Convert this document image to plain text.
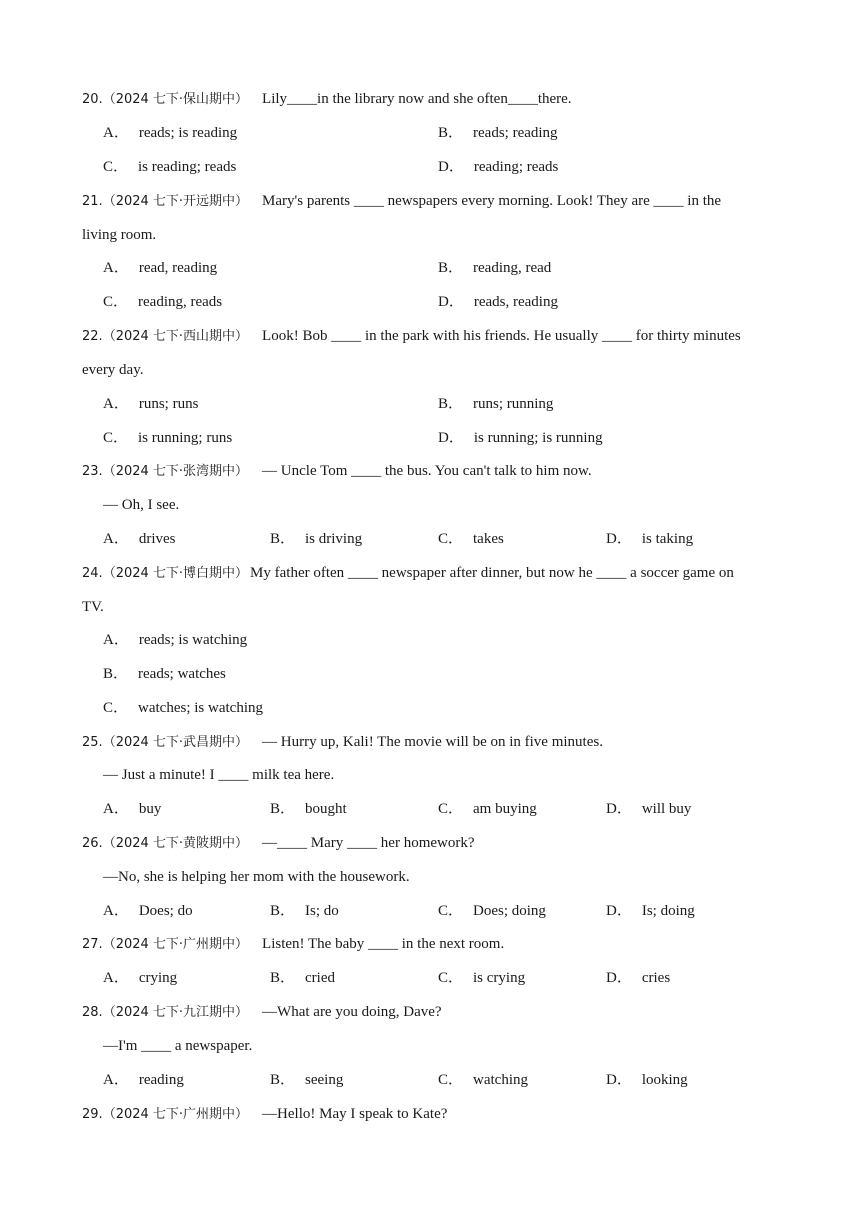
20.（2024 七下·保山期中） Lily____in the library now and she often____there.
A． reads; is reading	B． reads; reading
C． is reading; reads	D． reading; reads
21.（2024 七下·开远期中） Mary's parents ____ newspapers every morning. Look! They are ____ in the
living room.
A． read, reading	B． reading, read
C． reading, reads	D． reads, reading
22.（2024 七下·西山期中） Look! Bob ____ in the park with his friends. He usually ____ for thirty minutes
every day.
A． runs; runs	B． runs; running
C． is running; runs	D． is running; is running
23.（2024 七下·张湾期中） — Uncle Tom ____ the bus. You can't talk to him now.
— Oh, I see.
A． drives	B． is driving	C． takes	D． is taking
24.（2024 七下·博白期中） My father often ____ newspaper after dinner, but now he ____ a soccer game on
TV.
A． reads; is watching
B． reads; watches
C． watches; is watching
25.（2024 七下·武昌期中） — Hurry up, Kali! The movie will be on in five minutes.
— Just a minute! I ____ milk tea here.
A． buy	B． bought	C． am buying	D． will buy
26.（2024 七下·黄陂期中） —____ Mary ____ her homework?
—No, she is helping her mom with the housework.
A． Does; do	B． Is; do	C． Does; doing	D． Is; doing
27.（2024 七下·广州期中） Listen! The baby ____ in the next room.
A． crying	B． cried	C． is crying	D． cries
28.（2024 七下·九江期中） —What are you doing, Dave?
—I'm ____ a newspaper.
A． reading	B． seeing	C． watching	D． looking
29.（2024 七下·广州期中） —Hello! May I speak to Kate?
